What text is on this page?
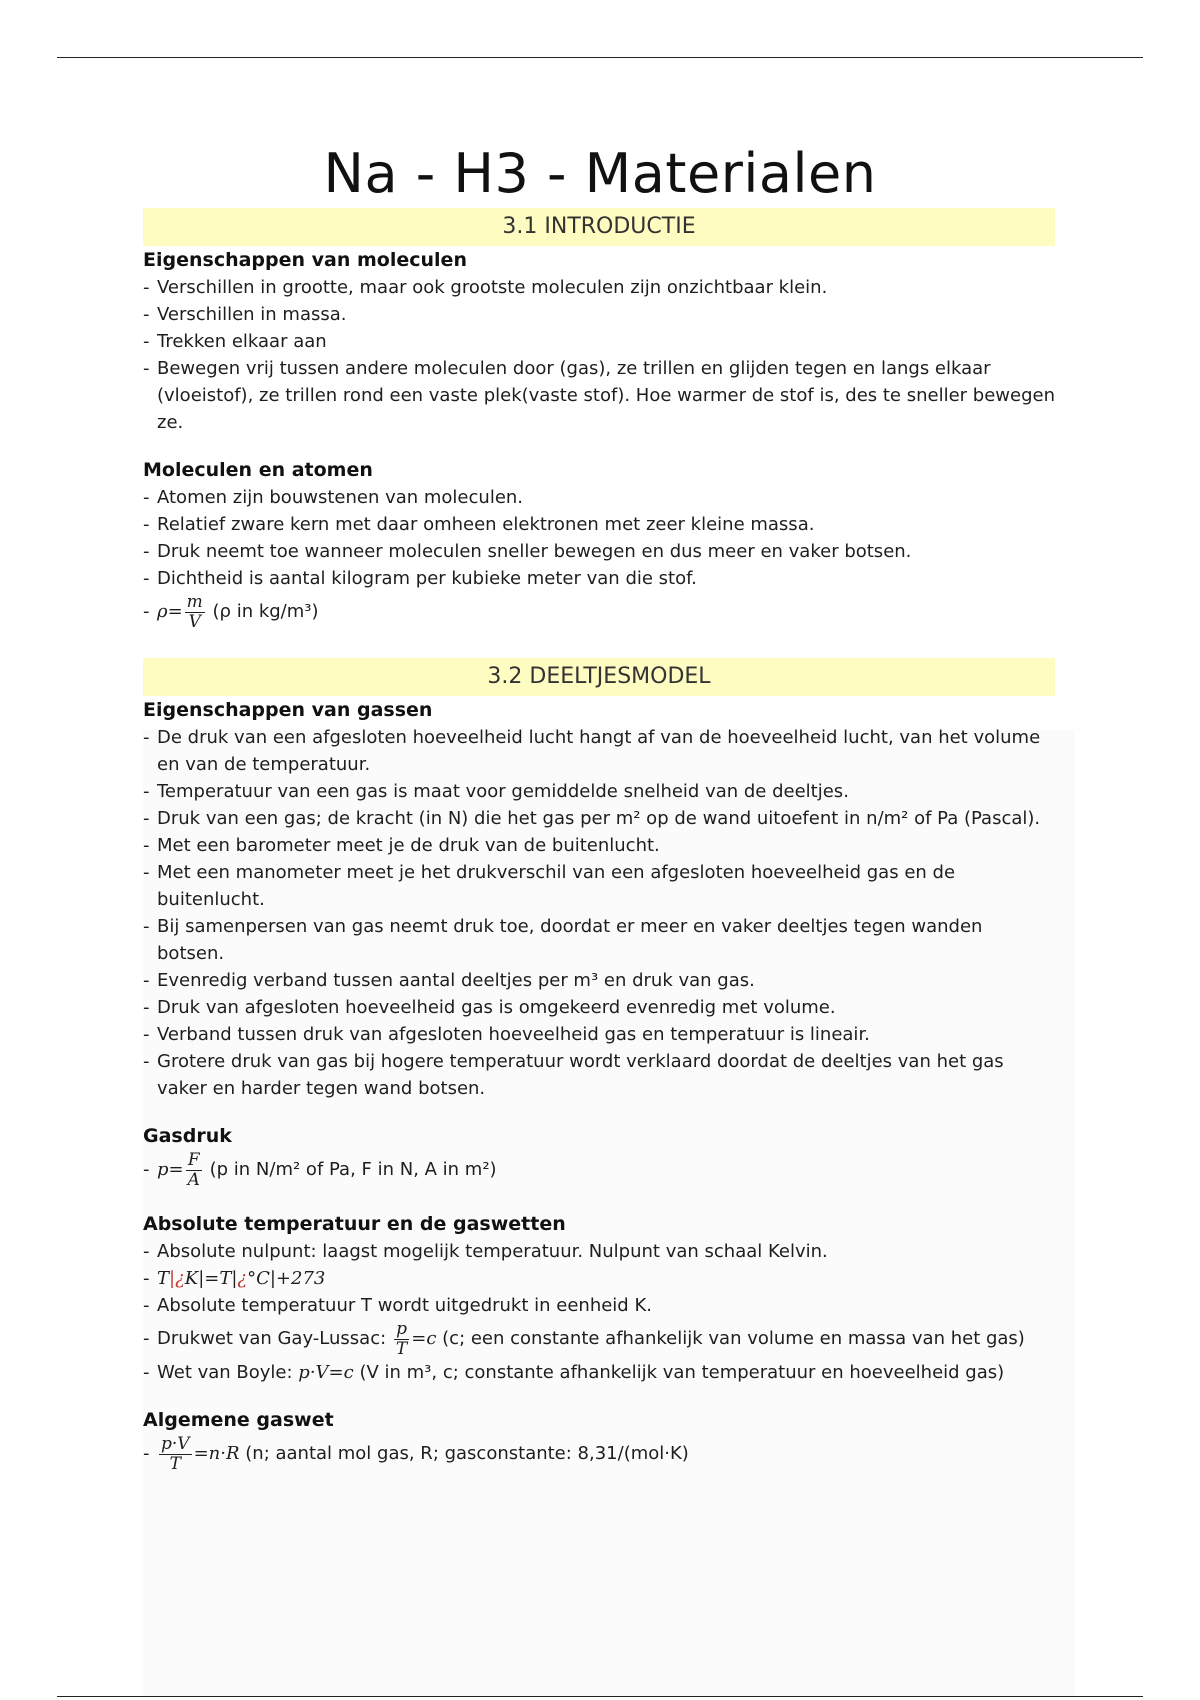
Na - H3 - Materialen
3.1 INTRODUCTIE
Eigenschappen van moleculen
- Verschillen in grootte, maar ook grootste moleculen zijn onzichtbaar klein.
- Verschillen in massa.
- Trekken elkaar aan
- Bewegen vrij tussen andere moleculen door (gas), ze trillen en glijden tegen en langs elkaar (vloeistof), ze trillen rond een vaste plek(vaste stof). Hoe warmer de stof is, des te sneller bewegen ze.
Moleculen en atomen
- Atomen zijn bouwstenen van moleculen.
- Relatief zware kern met daar omheen elektronen met zeer kleine massa.
- Druk neemt toe wanneer moleculen sneller bewegen en dus meer en vaker botsen.
- Dichtheid is aantal kilogram per kubieke meter van die stof.
- $\rho= \frac{m}{V} (\rho$ in kg/m³)
3.2 DEELTJESMODEL
Eigenschappen van gassen
- De druk van een afgesloten hoeveelheid lucht hangt af van de hoeveelheid lucht, van het volume en van de temperatuur.
- Temperatuur van een gas is maat voor gemiddelde snelheid van de deeltjes.
- Druk van een gas; de kracht (in N) die het gas per m² op de wand uitoefent in n/m² of Pa (Pascal).
- Met een barometer meet je de druk van de buitenlucht.
- Met een manometer meet je het drukverschil van een afgesloten hoeveelheid gas en de buitenlucht.
- Bij samenpersen van gas neemt druk toe, doordat er meer en vaker deeltjes tegen wanden botsen.
- Evenredig verband tussen aantal deeltjes per m³ en druk van gas.
- Druk van afgesloten hoeveelheid gas is omgekeerd evenredig met volume.
- Verband tussen druk van afgesloten hoeveelheid gas en temperatuur is lineair.
- Grotere druk van gas bij hogere temperatuur wordt verklaard doordat de deeltjes van het gas vaker en harder tegen wand botsen.
Gasdruk
- $p= \frac{F}{A} (p$ in N/m² of Pa, F in N, A in m²)
Absolute temperatuur en de gaswetten
- Absolute nulpunt: laagst mogelijk temperatuur. Nulpunt van schaal Kelvin.
- T|¿K|=T|¿°C|+273
- Absolute temperatuur T wordt uitgedrukt in eenheid K.
- Drukwet van Gay-Lussac: $\frac{p}{T} =c$ (c; een constante afhankelijk van volume en massa van het gas)
- Wet van Boyle: p·V=c (V in m³, c; constante afhankelijk van temperatuur en hoeveelheid gas)
Algemene gaswet
- $\frac{p\cdot V}{T} =n\cdot R$ (n; aantal mol gas, R; gasconstante: 8,31/(mol·K)
